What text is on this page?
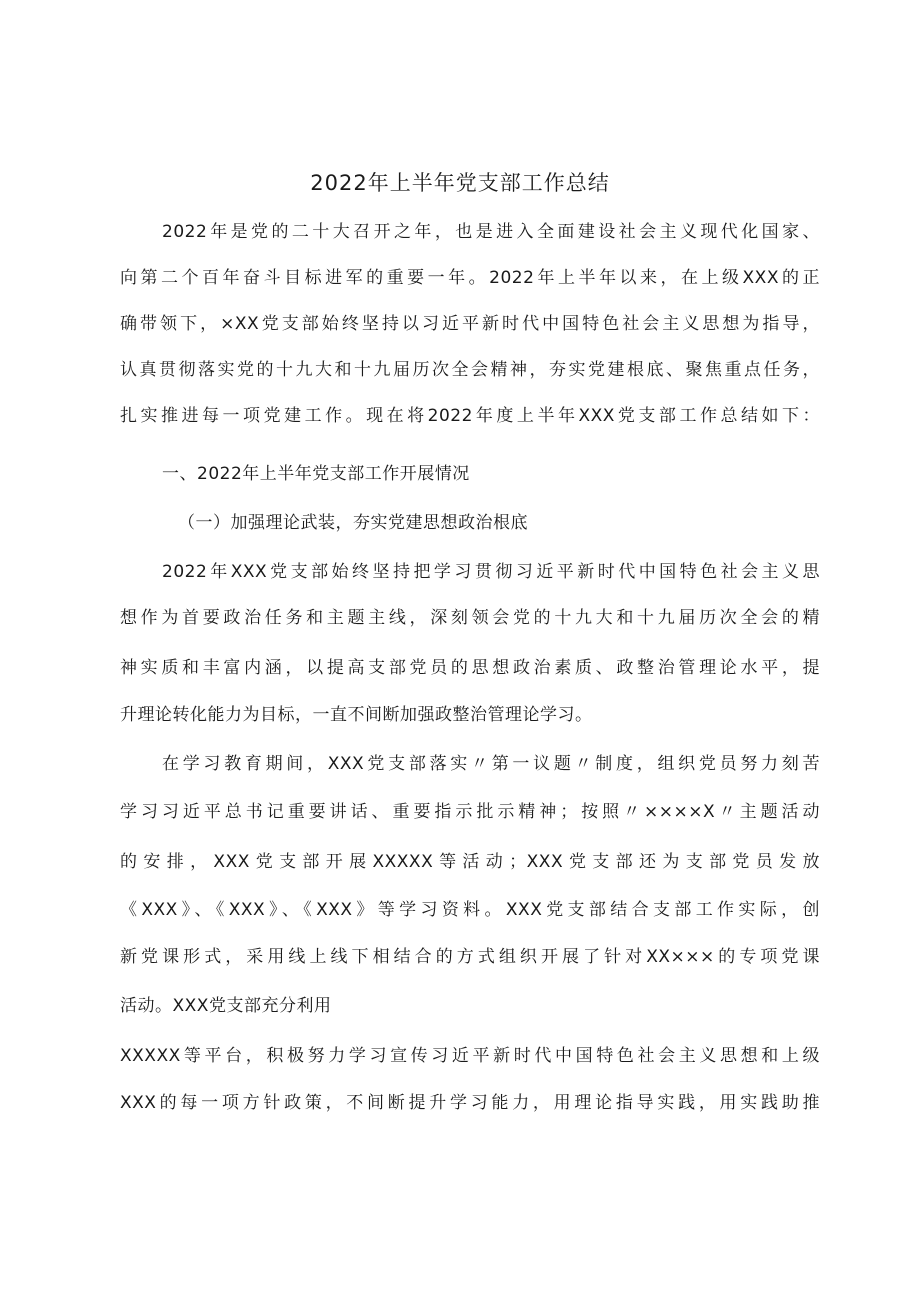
2022年上半年党支部工作总结
2022年是党的二十大召开之年，也是进入全面建设社会主义现代化国家、
向第二个百年奋斗目标进军的重要一年。2022年上半年以来，在上级XXX的正
确带领下，×XX党支部始终坚持以习近平新时代中国特色社会主义思想为指导，
认真贯彻落实党的十九大和十九届历次全会精神，夯实党建根底、聚焦重点任务，
扎实推进每一项党建工作。现在将2022年度上半年XXX党支部工作总结如下：
一、2022年上半年党支部工作开展情况
（一）加强理论武装，夯实党建思想政治根底
2022年XXX党支部始终坚持把学习贯彻习近平新时代中国特色社会主义思
想作为首要政治任务和主题主线，深刻领会党的十九大和十九届历次全会的精
神实质和丰富内涵，以提高支部党员的思想政治素质、政整治管理论水平，提
升理论转化能力为目标，一直不间断加强政整治管理论学习。
在学习教育期间，XXX党支部落实〃第一议题〃制度，组织党员努力刻苦
学习习近平总书记重要讲话、重要指示批示精神；按照〃××××X〃主题活动
的安排，XXX党支部开展XXXXX等活动；XXX党支部还为支部党员发放
《XXX》、《XXX》、《XXX》等学习资料。XXX党支部结合支部工作实际，创
新党课形式，采用线上线下相结合的方式组织开展了针对XX×××的专项党课
活动。XXX党支部充分利用
XXXXX等平台，积极努力学习宣传习近平新时代中国特色社会主义思想和上级
XXX的每一项方针政策，不间断提升学习能力，用理论指导实践，用实践助推
